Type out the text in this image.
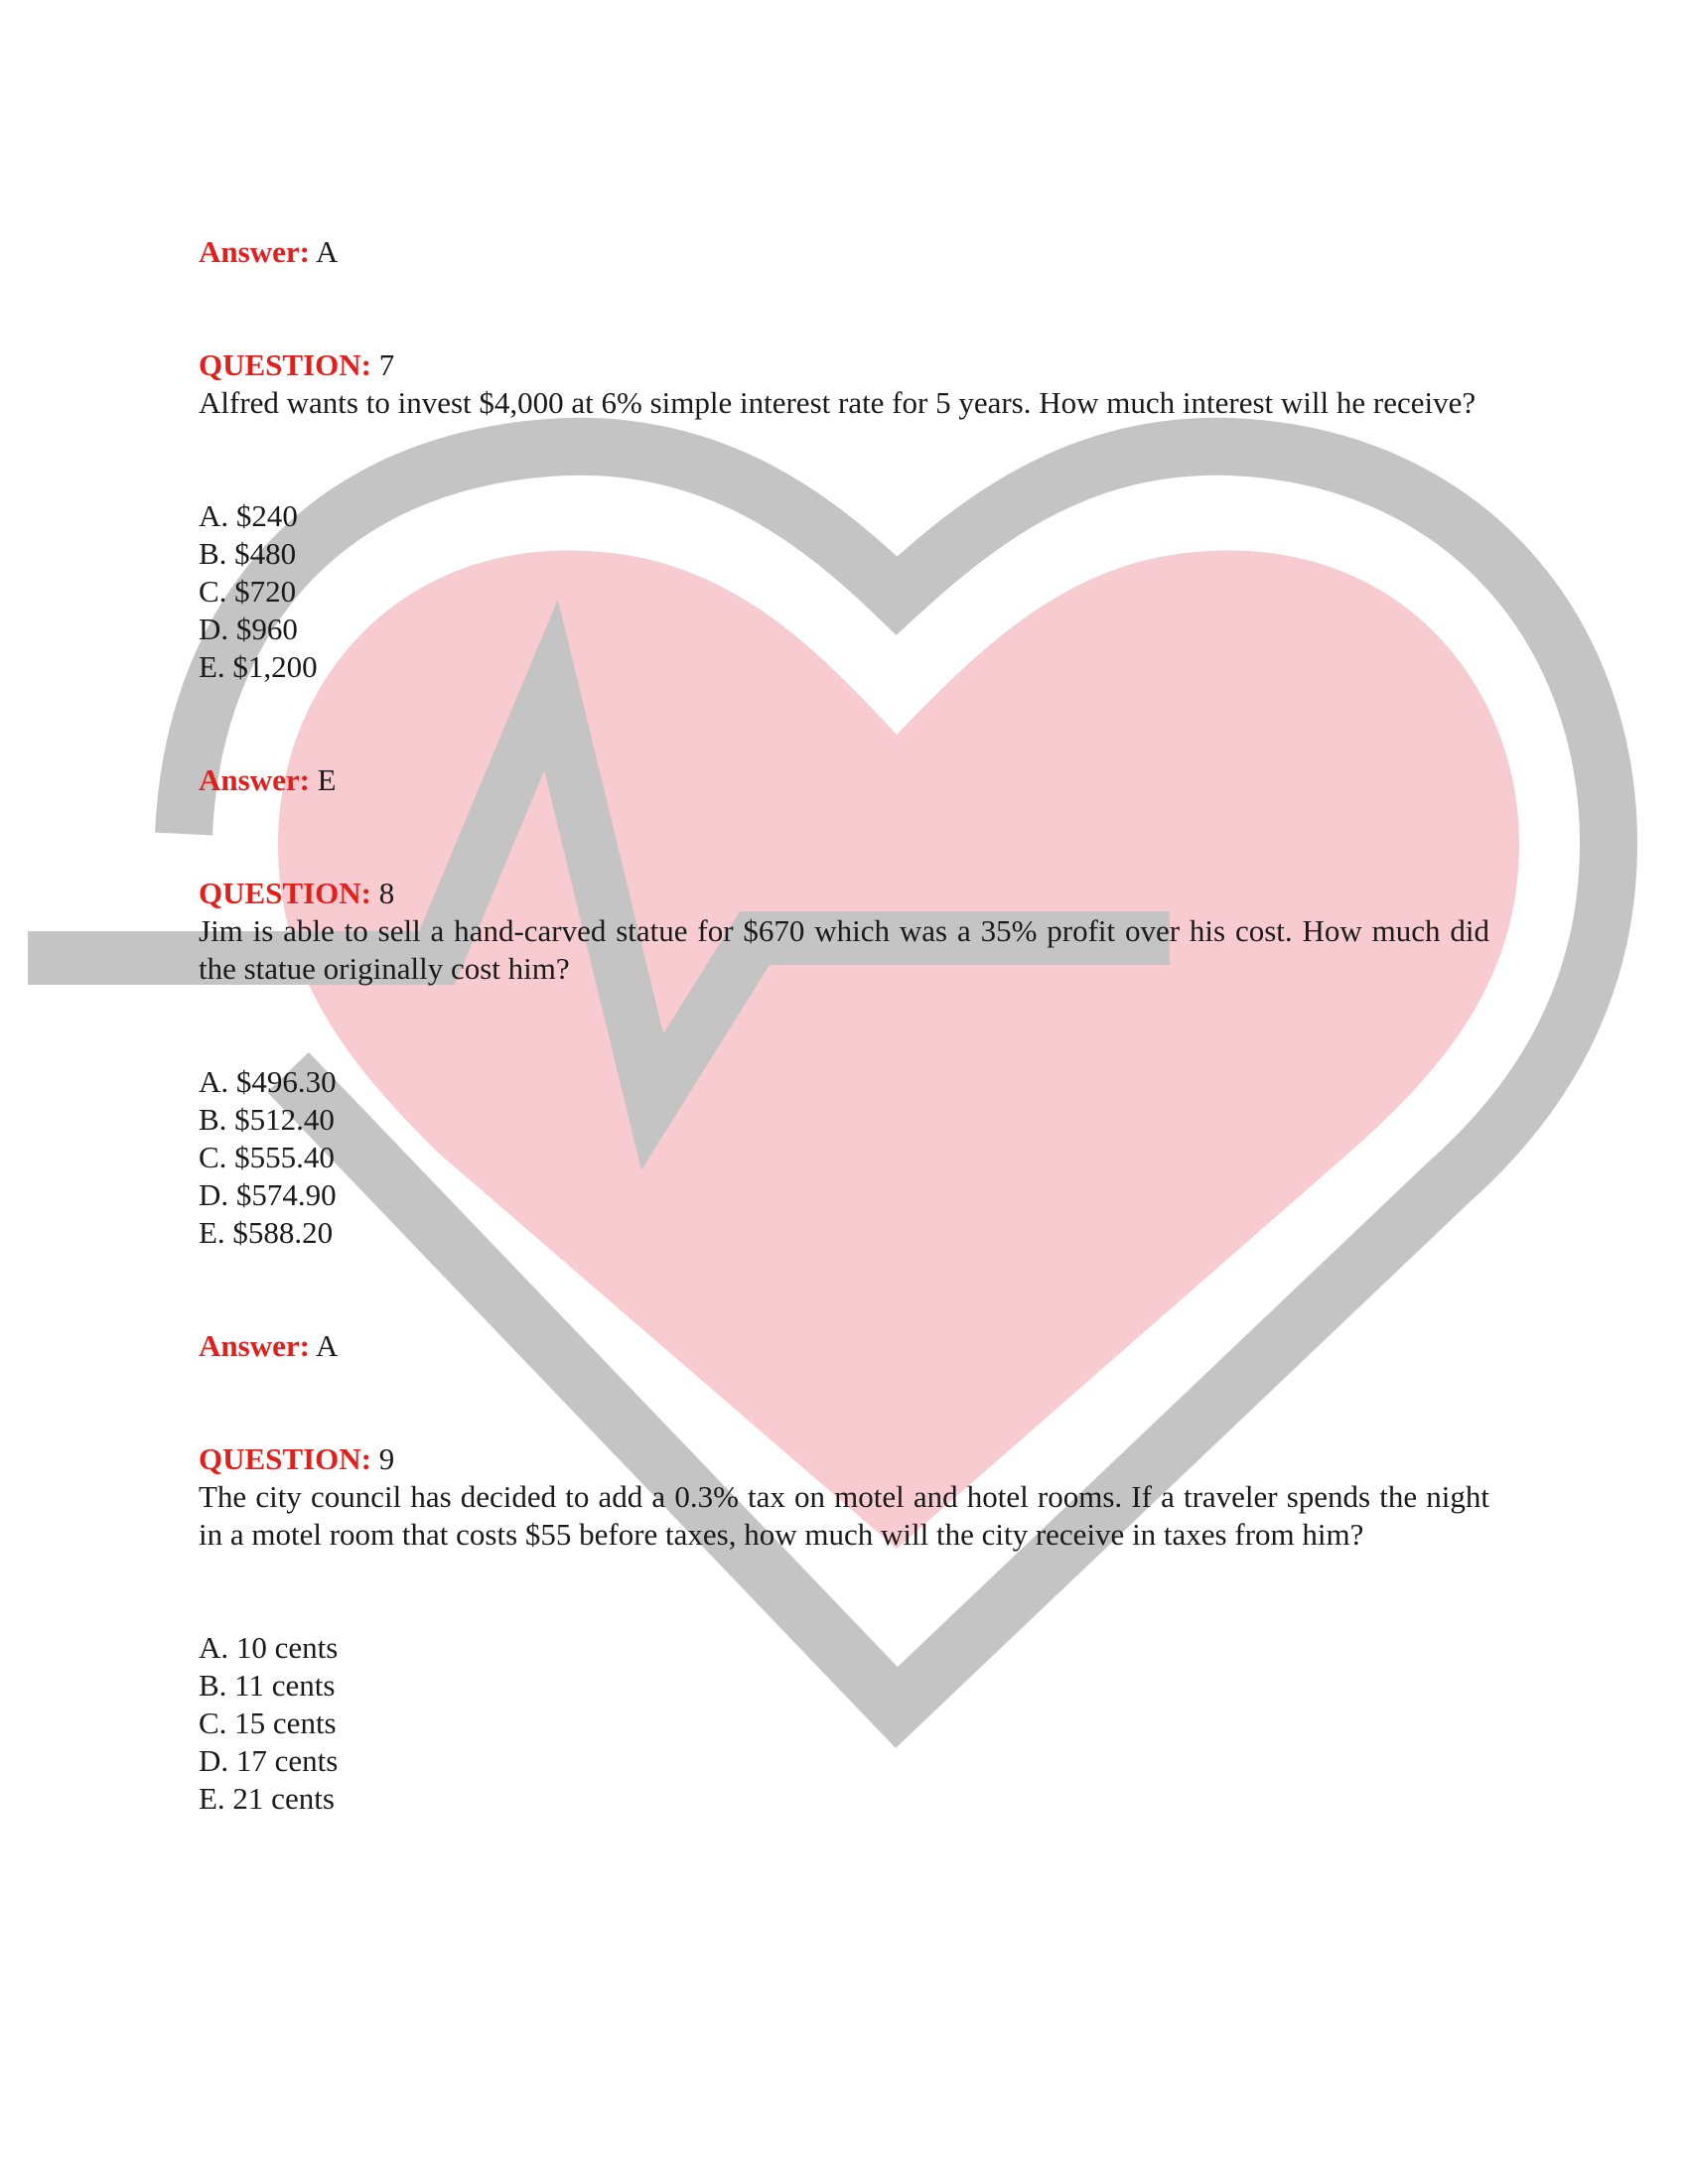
Answer: A
QUESTION: 7
Alfred wants to invest $4,000 at 6% simple interest rate for 5 years. How much interest will he receive?
A. $240
B. $480
C. $720
D. $960
E. $1,200
Answer: E
QUESTION: 8
Jim is able to sell a hand-carved statue for $670 which was a 35% profit over his cost. How much did the statue originally cost him?
A. $496.30
B. $512.40
C. $555.40
D. $574.90
E. $588.20
Answer: A
QUESTION: 9
The city council has decided to add a 0.3% tax on motel and hotel rooms. If a traveler spends the night in a motel room that costs $55 before taxes, how much will the city receive in taxes from him?
A. 10 cents
B. 11 cents
C. 15 cents
D. 17 cents
E. 21 cents
